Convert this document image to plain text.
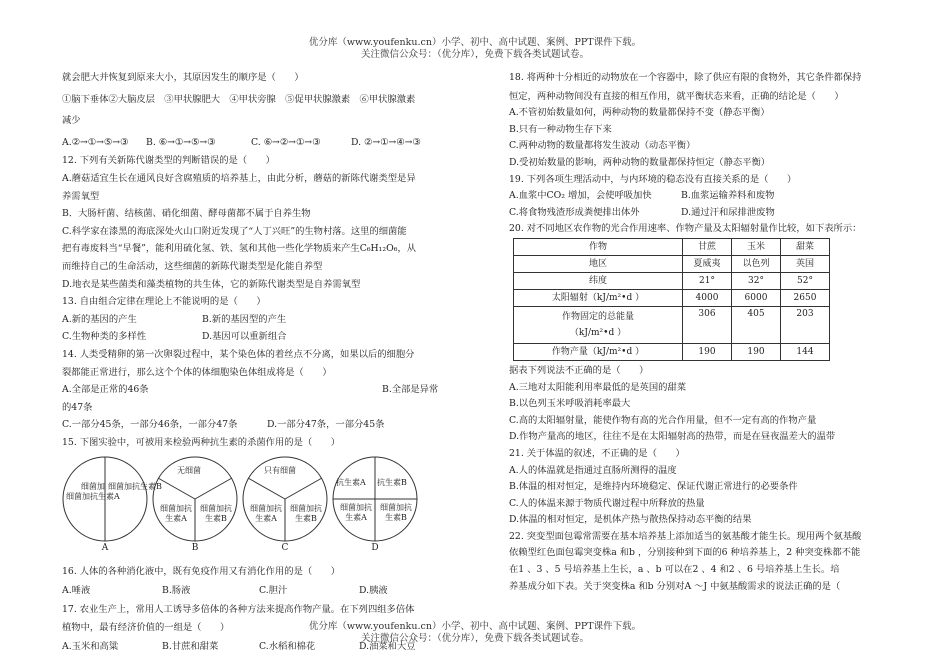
优分库（www.youfenku.cn）小学、初中、高中试题、案例、PPT课件下载。
关注微信公众号：（优分库），免费下载各类试题试卷。

就会肥大并恢复到原来大小，其原因发生的顺序是（　　）

①脑下垂体②大脑皮层　③甲状腺肥大　④甲状旁腺　⑤促甲状腺激素　⑥甲状腺激素

减少

A.②→①→⑤→③	B. ⑥→①→⑤→③	C. ⑥→②→①→③	D. ②→①→④→③

12. 下列有关新陈代谢类型的判断错误的是（　　）

A.蘑菇适宜生长在通风良好含腐殖质的培养基上，由此分析，蘑菇的新陈代谢类型是异

养需氧型

B．大肠杆菌、结核菌、硝化细菌、酵母菌都不属于自养生物

C.科学家在漆黑的海底深处火山口附近发现了“人丁兴旺”的生物村落。这里的细菌能

把有毒废料当“早餐”，能利用硫化氢、铁、氢和其他一些化学物质来产生C₆H₁₂O₆，从

而维持自己的生命活动，这些细菌的新陈代谢类型是化能自养型

D.地衣是某些菌类和藻类植物的共生体，它的新陈代谢类型是自养需氧型

13. 自由组合定律在理论上不能说明的是（　　）

A.新的基因的产生	B.新的基因型的产生
C.生物种类的多样性	D.基因可以重新组合

14. 人类受精卵的第一次卵裂过程中，某个染色体的着丝点不分离，如果以后的细胞分

裂都能正常进行，那么这个个体的体细胞染色体组成将是（　　）

A.全部是正常的46条	B.全部是异常

的47条

C.一部分45条，一部分46条，一部分47条	D.一部分47条，一部分45条

15. 下图实验中，可被用来检验两种抗生素的杀菌作用的是（　　）

细菌加
细菌加抗生素A
细菌加抗生素B
A
无细菌
细菌加抗生素A
细菌加抗生素B
B
只有细菌
细菌加抗生素A
细菌加抗生素B
C
抗生素A 抗生素B
细菌加抗生素A
细菌加抗生素B
D

16. 人体的各种消化液中，既有免疫作用又有消化作用的是（　　）

A.唾液	B.肠液	C.胆汁	D.胰液

17. 农业生产上，常用人工诱导多倍体的各种方法来提高作物产量。在下列四组多倍体

植物中，最有经济价值的一组是（　　）

A.玉米和高粱	B.甘蔗和甜菜	C.水稻和棉花	D.油菜和大豆

18. 将两种十分相近的动物放在一个容器中，除了供应有限的食物外，其它条件都保持

恒定，两种动物间没有直接的相互作用，就平衡状态来看，正确的结论是（　　）

A.不管初始数量如何，两种动物的数量都保持不变（静态平衡）

B.只有一种动物生存下来

C.两种动物的数量都将发生波动（动态平衡）

D.受初始数量的影响，两种动物的数量都保持恒定（静态平衡）

19. 下列各项生理活动中，与内环境的稳态没有直接关系的是（　　）

A.血浆中CO₂ 增加，会使呼吸加快	B.血浆运输养料和废物
C.将食物残渣形成粪便排出体外	D.通过汗和尿排泄废物

20. 对不同地区农作物的光合作用速率、作物产量及太阳辐射量作比较，如下表所示：

作物	甘蔗	玉米	甜菜
地区	夏威夷	以色列	英国
纬度	21°	32°	52°
太阳辐射（kJ/m²•d ）	4000	6000	2650

作物固定的总能量
（kJ/m²•d ）	306	405	203
作物产量（kJ/m²•d ）	190	190	144

据表下列说法不正确的是（　　）

A.三地对太阳能利用率最低的是英国的甜菜

B.以色列玉米呼吸消耗率最大

C.高的太阳辐射量，能使作物有高的光合作用量，但不一定有高的作物产量

D.作物产量高的地区，往往不是在太阳辐射高的热带，而是在昼夜温差大的温带

21. 关于体温的叙述，不正确的是（　　）

A.人的体温就是指通过直肠所测得的温度

B.体温的相对恒定，是维持内环境稳定、保证代谢正常进行的必要条件

C.人的体温来源于物质代谢过程中所释放的热量

D.体温的相对恒定，是机体产热与散热保持动态平衡的结果

22. 突变型面包霉常需要在基本培养基上添加适当的氨基酸才能生长。现用两个氨基酸

依赖型红色面包霉突变株a 和b ，分别接种到下面的6 种培养基上，2 种突变株都不能

在1 、3 、5 号培养基上生长，a 、b 可以在2 、4 和2 、6 号培养基上生长。培

养基成分如下表。关于突变株a 和b 分别对A ～J 中氨基酸需求的说法正确的是（

优分库（www.youfenku.cn）小学、初中、高中试题、案例、PPT课件下载。
关注微信公众号：（优分库），免费下载各类试题试卷。
